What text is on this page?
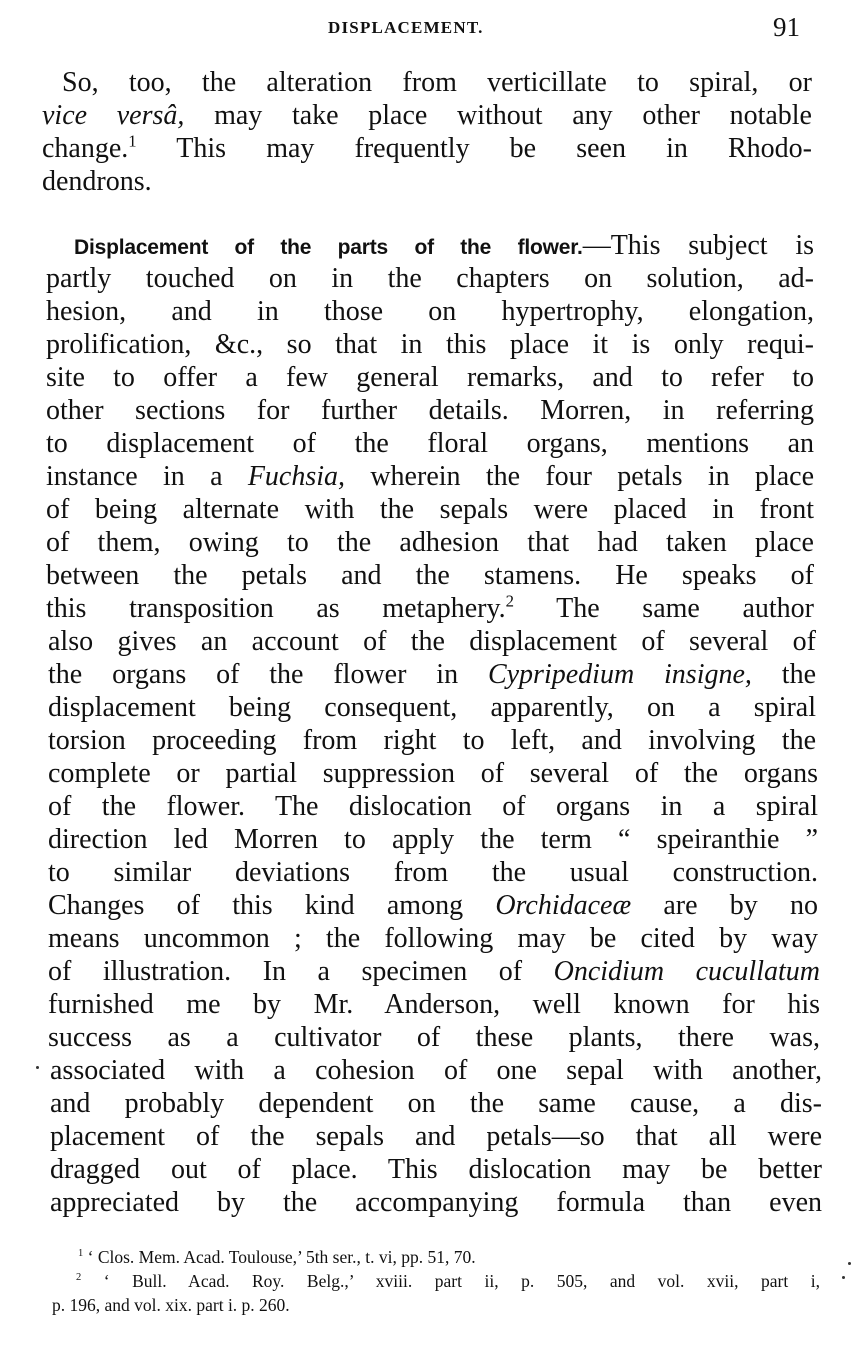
DISPLACEMENT.	91
So, too, the alteration from verticillate to spiral, or
vice versâ, may take place without any other notable
change.$^1$ This may frequently be seen in Rhodo-
dendrons.
Displacement of the parts of the flower.—This subject is
partly touched on in the chapters on solution, ad-
hesion, and in those on hypertrophy, elongation,
prolification, &c., so that in this place it is only requi-
site to offer a few general remarks, and to refer to
other sections for further details. Morren, in referring
to displacement of the floral organs, mentions an
instance in a Fuchsia, wherein the four petals in place
of being alternate with the sepals were placed in front
of them, owing to the adhesion that had taken place
between the petals and the stamens. He speaks of
this transposition as metaphery.$^2$ The same author
also gives an account of the displacement of several of
the organs of the flower in Cypripedium insigne, the
displacement being consequent, apparently, on a spiral
torsion proceeding from right to left, and involving the
complete or partial suppression of several of the organs
of the flower. The dislocation of organs in a spiral
direction led Morren to apply the term “ speiranthie ”
to similar deviations from the usual construction.
Changes of this kind among Orchidaceæ are by no
means uncommon ; the following may be cited by way
of illustration. In a specimen of Oncidium cucullatum
furnished me by Mr. Anderson, well known for his
success as a cultivator of these plants, there was,
associated with a cohesion of one sepal with another,
and probably dependent on the same cause, a dis-
placement of the sepals and petals—so that all were
dragged out of place. This dislocation may be better
appreciated by the accompanying formula than even
$^1$ ‘ Clos. Mem. Acad. Toulouse,’ 5th ser., t. vi, pp. 51, 70.
$^2$ ‘ Bull. Acad. Roy. Belg.,’ xviii. part ii, p. 505, and vol. xvii, part i,
p. 196, and vol. xix. part i. p. 260.
